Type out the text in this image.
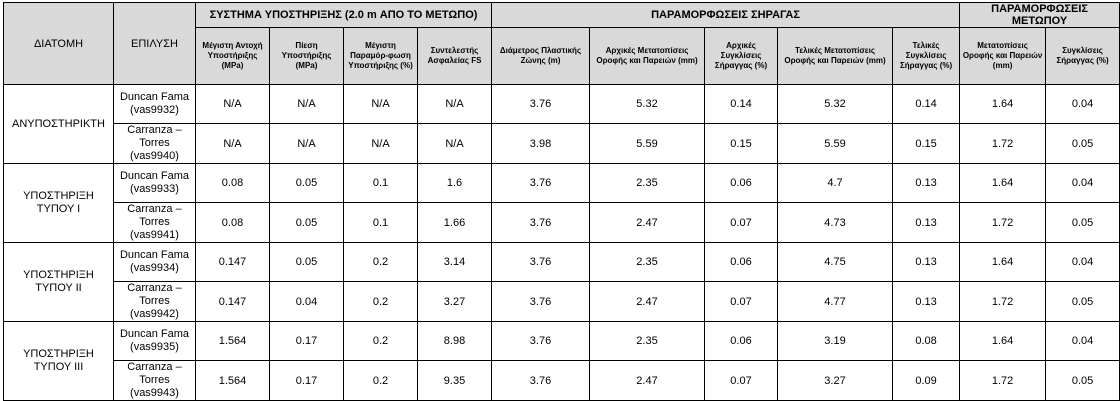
ΔΙΑΤΟΜΗ	ΕΠΙΛΥΣΗ	ΣΥΣΤΗΜΑ ΥΠΟΣΤΗΡΙΞΗΣ (2.0 m ΑΠΟ ΤΟ ΜΕΤΩΠΟ)				ΠΑΡΑΜΟΡΦΩΣΕΙΣ ΣΗΡΑΓΑΣ					ΠΑΡΑΜΟΡΦΩΣΕΙΣ ΜΕΤΩΠΟΥ	
		Μέγιστη Αντοχή Υποστήριξης (MPa)	Πίεση Υποστήριξης (MPa)	Μέγιστη Παραμόρ-φωση Υποστήριξης (%)	Συντελεστής Ασφαλείας FS	Διάμετρος Πλαστικής Ζώνης (m)	Αρχικές Μετατοπίσεις Οροφής και Παρειών (mm)	Αρχικές Συγκλίσεις Σήραγγας (%)	Τελικές Μετατοπίσεις Οροφής και Παρειών (mm)	Τελικές Συγκλίσεις Σήραγγας (%)	Μετατοπίσεις Οροφής και Παρειών (mm)	Συγκλίσεις Σήραγγας (%)
ΑΝΥΠΟΣΤΗΡΙΚΤΗ	Duncan Fama (vas9932)	N/A	N/A	N/A	N/A	3.76	5.32	0.14	5.32	0.14	1.64	0.04
	Carranza – Torres (vas9940)	N/A	N/A	N/A	N/A	3.98	5.59	0.15	5.59	0.15	1.72	0.05
ΥΠΟΣΤΗΡΙΞΗ ΤΥΠΟΥ Ι	Duncan Fama (vas9933)	0.08	0.05	0.1	1.6	3.76	2.35	0.06	4.7	0.13	1.64	0.04
	Carranza – Torres (vas9941)	0.08	0.05	0.1	1.66	3.76	2.47	0.07	4.73	0.13	1.72	0.05
ΥΠΟΣΤΗΡΙΞΗ ΤΥΠΟΥ ΙΙ	Duncan Fama (vas9934)	0.147	0.05	0.2	3.14	3.76	2.35	0.06	4.75	0.13	1.64	0.04
	Carranza – Torres (vas9942)	0.147	0.04	0.2	3.27	3.76	2.47	0.07	4.77	0.13	1.72	0.05
ΥΠΟΣΤΗΡΙΞΗ ΤΥΠΟΥ ΙΙΙ	Duncan Fama (vas9935)	1.564	0.17	0.2	8.98	3.76	2.35	0.06	3.19	0.08	1.64	0.04
	Carranza – Torres (vas9943)	1.564	0.17	0.2	9.35	3.76	2.47	0.07	3.27	0.09	1.72	0.05
